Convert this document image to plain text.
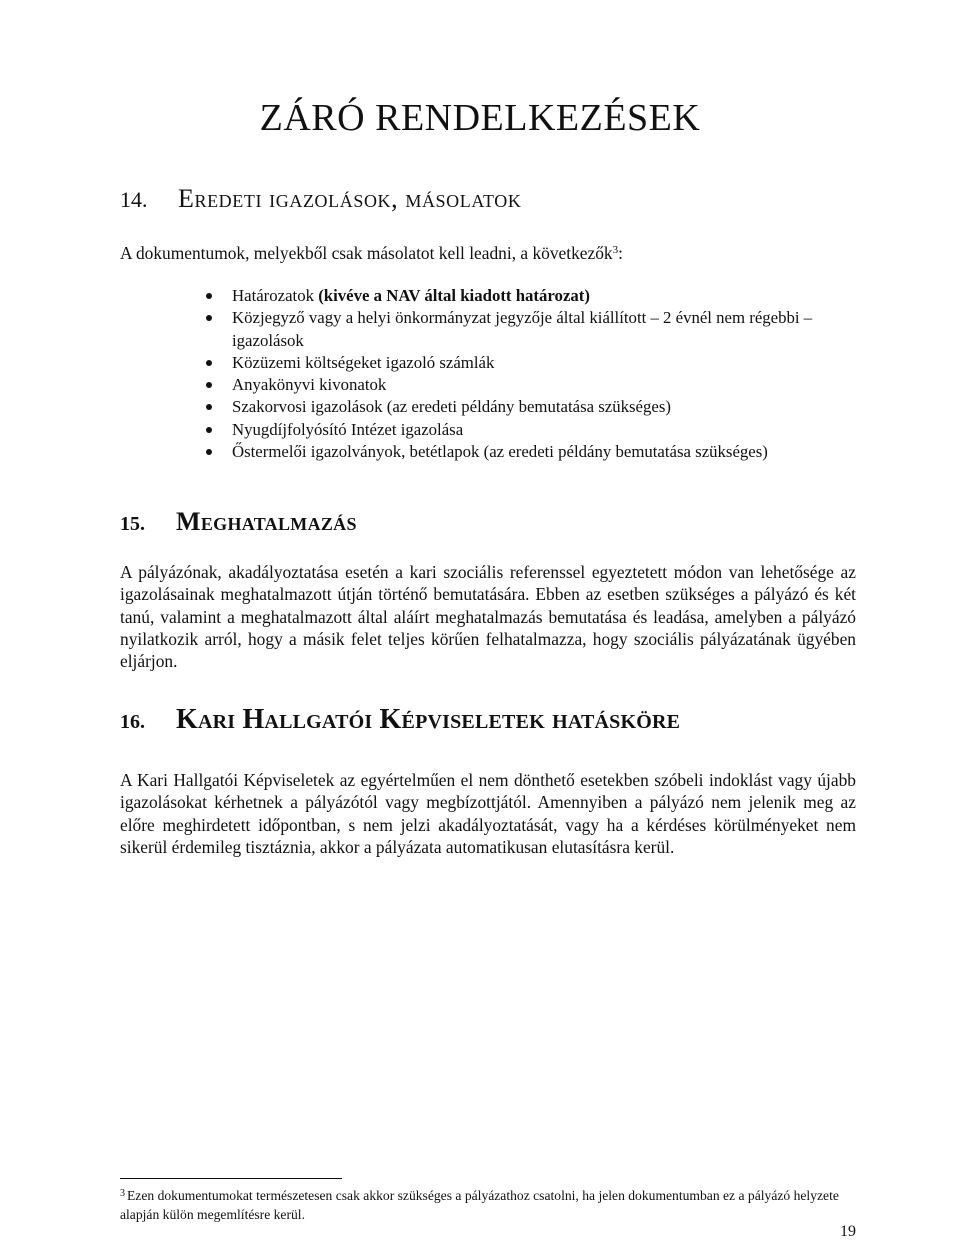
ZÁRÓ RENDELKEZÉSEK
14.	Eredeti igazolások, másolatok

A dokumentumok, melyekből csak másolatot kell leadni, a következők$^3$:

Határozatok (kivéve a NAV által kiadott határozat)
Közjegyző vagy a helyi önkormányzat jegyzője által kiállított – 2 évnél nem régebbi – igazolások
Közüzemi költségeket igazoló számlák
Anyakönyvi kivonatok
Szakorvosi igazolások (az eredeti példány bemutatása szükséges)
Nyugdíjfolyósító Intézet igazolása
Őstermelői igazolványok, betétlapok (az eredeti példány bemutatása szükséges)
15.	Meghatalmazás

A pályázónak, akadályoztatása esetén a kari szociális referenssel egyeztetett módon van lehetősége az igazolásainak meghatalmazott útján történő bemutatására. Ebben az esetben szükséges a pályázó és két tanú, valamint a meghatalmazott által aláírt meghatalmazás bemutatása és leadása, amelyben a pályázó nyilatkozik arról, hogy a másik felet teljes körűen felhatalmazza, hogy szociális pályázatának ügyében eljárjon.

16.	Kari Hallgatói Képviseletek hatásköre

A Kari Hallgatói Képviseletek az egyértelműen el nem dönthető esetekben szóbeli indoklást vagy újabb igazolásokat kérhetnek a pályázótól vagy megbízottjától. Amennyiben a pályázó nem jelenik meg az előre meghirdetett időpontban, s nem jelzi akadályoztatását, vagy ha a kérdéses körülményeket nem sikerül érdemileg tisztáznia, akkor a pályázata automatikusan elutasításra kerül.

$^3$ Ezen dokumentumokat természetesen csak akkor szükséges a pályázathoz csatolni, ha jelen dokumentumban ez a pályázó helyzete alapján külön megemlítésre kerül.

19
